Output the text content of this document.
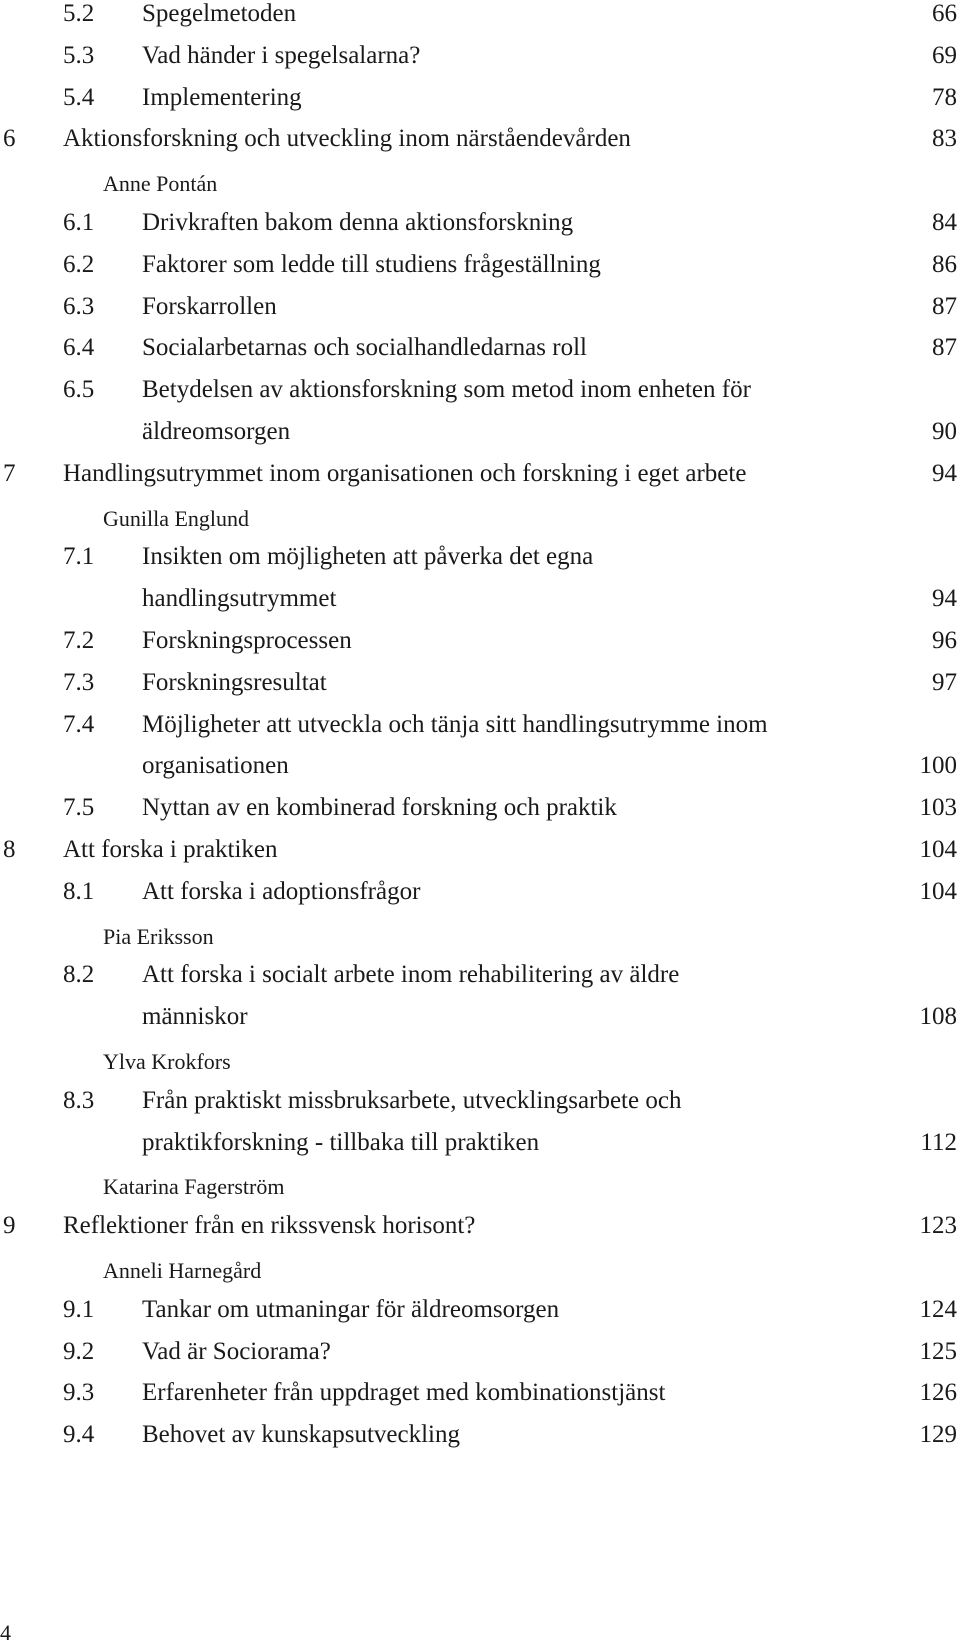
5.2 Spegelmetoden	66
5.3 Vad händer i spegelsalarna?	69
5.4 Implementering	78
6 Aktionsforskning och utveckling inom närståendevården	83
Anne Pontán
6.1 Drivkraften bakom denna aktionsforskning	84
6.2 Faktorer som ledde till studiens frågeställning	86
6.3 Forskarrollen	87
6.4 Socialarbetarnas och socialhandledarnas roll	87
6.5 Betydelsen av aktionsforskning som metod inom enheten för
äldreomsorgen	90
7 Handlingsutrymmet inom organisationen och forskning i eget arbete	94
Gunilla Englund
7.1 Insikten om möjligheten att påverka det egna
handlingsutrymmet	94
7.2 Forskningsprocessen	96
7.3 Forskningsresultat	97
7.4 Möjligheter att utveckla och tänja sitt handlingsutrymme inom
organisationen	100
7.5 Nyttan av en kombinerad forskning och praktik	103
8 Att forska i praktiken	104
8.1 Att forska i adoptionsfrågor	104
Pia Eriksson
8.2 Att forska i socialt arbete inom rehabilitering av äldre
människor	108
Ylva Krokfors
8.3 Från praktiskt missbruksarbete, utvecklingsarbete och
praktikforskning - tillbaka till praktiken	112
Katarina Fagerström
9 Reflektioner från en rikssvensk horisont?	123
Anneli Harnegård
9.1 Tankar om utmaningar för äldreomsorgen	124
9.2 Vad är Sociorama?	125
9.3 Erfarenheter från uppdraget med kombinationstjänst	126
9.4 Behovet av kunskapsutveckling	129
4
